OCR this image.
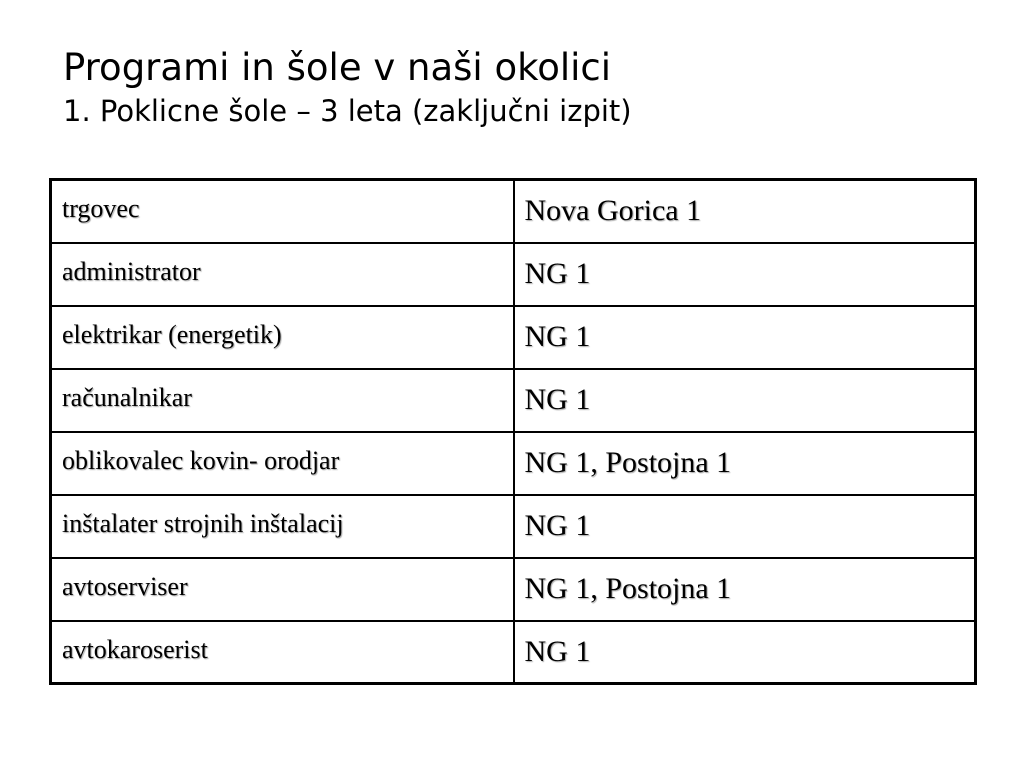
Programi in šole v naši okolici
1. Poklicne šole – 3 leta (zaključni izpit)
trgovec	Nova Gorica 1
administrator	NG 1
elektrikar (energetik)	NG 1
računalnikar	NG 1
oblikovalec kovin- orodjar	NG 1, Postojna 1
inštalater strojnih inštalacij	NG 1
avtoserviser	NG 1, Postojna 1
avtokaroserist	NG 1
